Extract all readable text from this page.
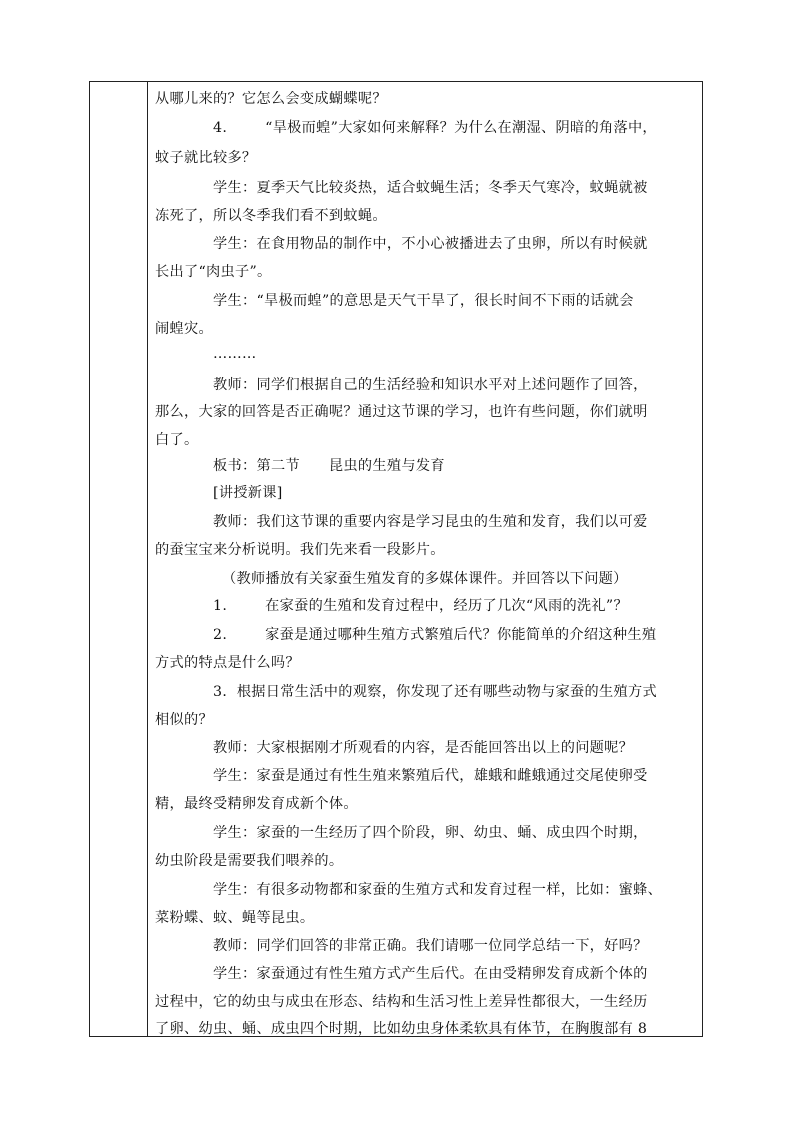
从哪儿来的？它怎么会变成蝴蝶呢？
4.	“旱极而蝗”大家如何来解释？为什么在潮湿、阴暗的角落中，
蚊子就比较多？
学生：夏季天气比较炎热，适合蚊蝇生活；冬季天气寒冷，蚊蝇就被
冻死了，所以冬季我们看不到蚊蝇。
学生：在食用物品的制作中，不小心被播进去了虫卵，所以有时候就
长出了“肉虫子”。
学生：“旱极而蝗”的意思是天气干旱了，很长时间不下雨的话就会
闹蝗灾。
………
教师：同学们根据自己的生活经验和知识水平对上述问题作了回答，
那么，大家的回答是否正确呢？通过这节课的学习，也许有些问题，你们就明
白了。
板书：第二节　　昆虫的生殖与发育
[讲授新课]
教师：我们这节课的重要内容是学习昆虫的生殖和发育，我们以可爱
的蚕宝宝来分析说明。我们先来看一段影片。
（教师播放有关家蚕生殖发育的多媒体课件。并回答以下问题）
1.	在家蚕的生殖和发育过程中，经历了几次“风雨的洗礼”？
2.	家蚕是通过哪种生殖方式繁殖后代？你能简单的介绍这种生殖
方式的特点是什么吗？
3．根据日常生活中的观察，你发现了还有哪些动物与家蚕的生殖方式
相似的？
教师：大家根据刚才所观看的内容，是否能回答出以上的问题呢？
学生：家蚕是通过有性生殖来繁殖后代，雄蛾和雌蛾通过交尾使卵受
精，最终受精卵发育成新个体。
学生：家蚕的一生经历了四个阶段，卵、幼虫、蛹、成虫四个时期，
幼虫阶段是需要我们喂养的。
学生：有很多动物都和家蚕的生殖方式和发育过程一样，比如：蜜蜂、
菜粉蝶、蚊、蝇等昆虫。
教师：同学们回答的非常正确。我们请哪一位同学总结一下，好吗？
学生：家蚕通过有性生殖方式产生后代。在由受精卵发育成新个体的
过程中，它的幼虫与成虫在形态、结构和生活习性上差异性都很大，一生经历
了卵、幼虫、蛹、成虫四个时期，比如幼虫身体柔软具有体节，在胸腹部有 8
